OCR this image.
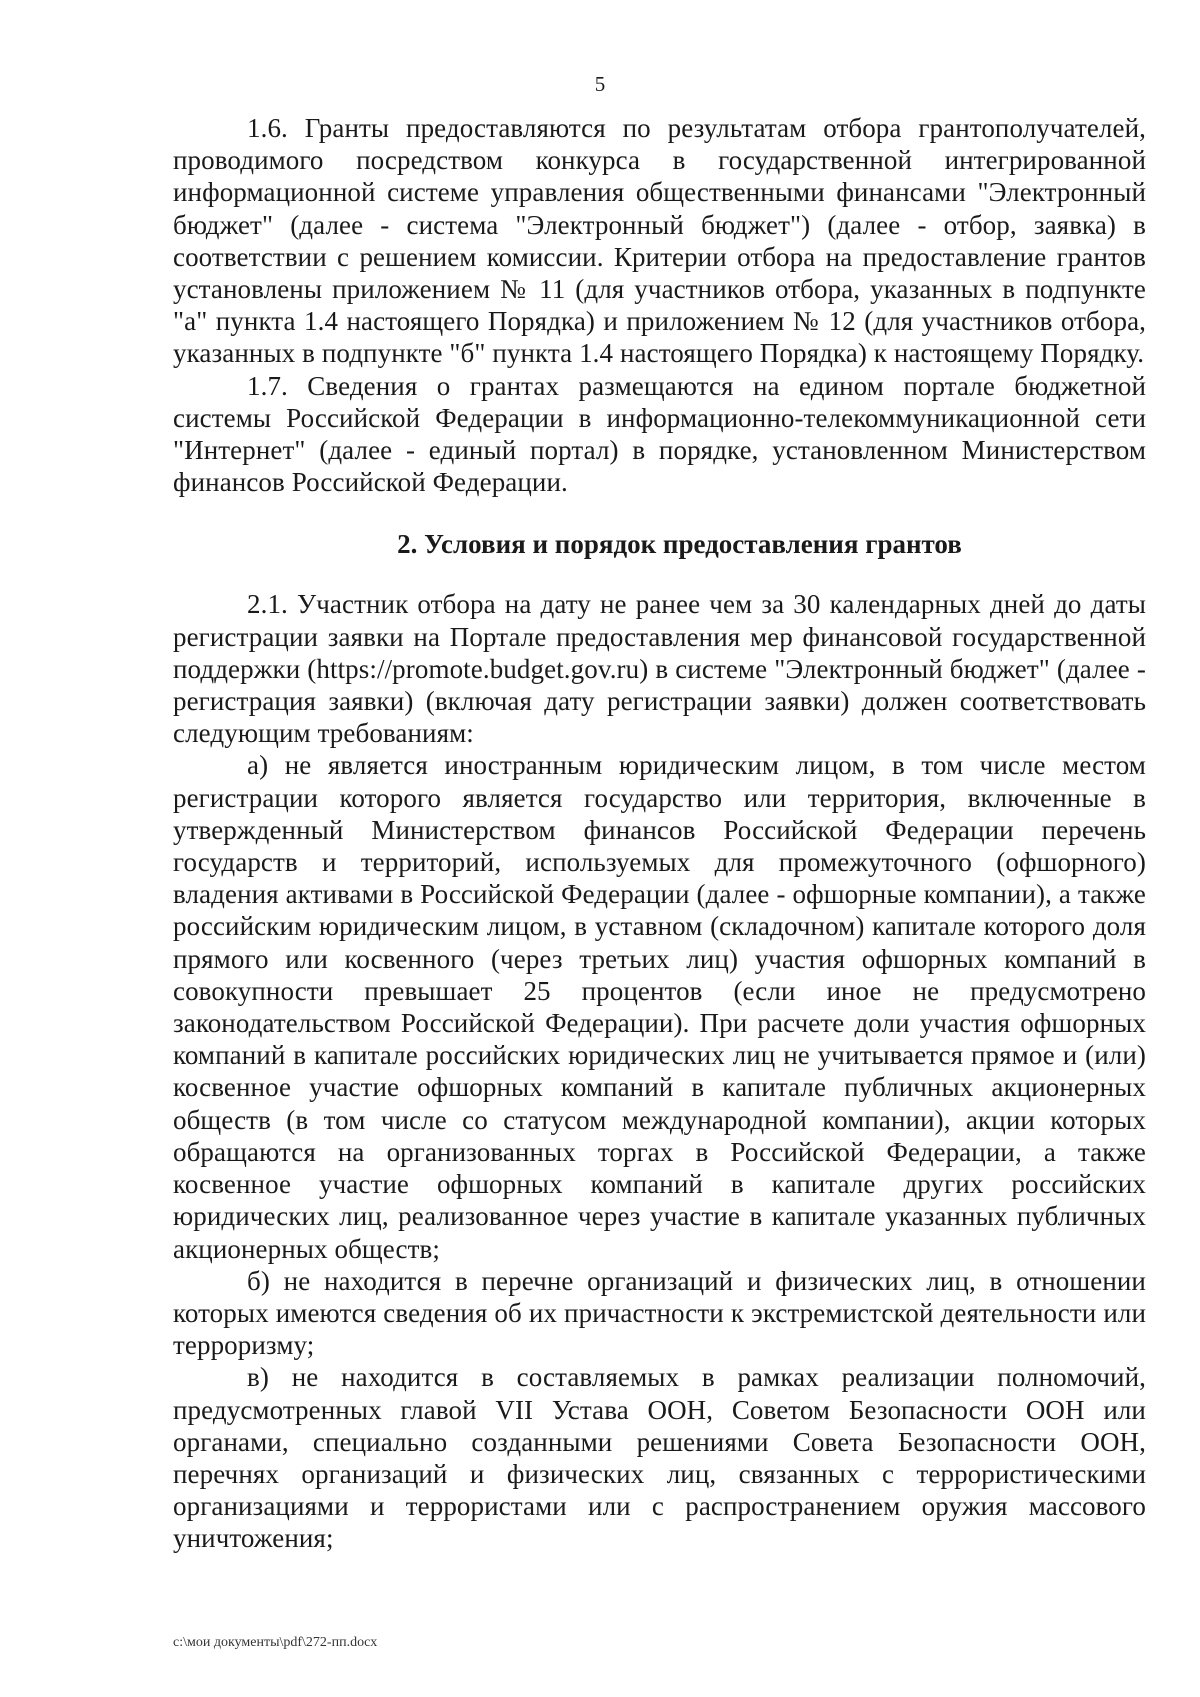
5

1.6. Гранты предоставляются по результатам отбора грантополучателей, проводимого посредством конкурса в государственной интегрированной информационной системе управления общественными финансами "Электронный бюджет" (далее - система "Электронный бюджет") (далее - отбор, заявка) в соответствии с решением комиссии. Критерии отбора на предоставление грантов установлены приложением № 11 (для участников отбора, указанных в подпункте "а" пункта 1.4 настоящего Порядка) и приложением № 12 (для участников отбора, указанных в подпункте "б" пункта 1.4 настоящего Порядка) к настоящему Порядку.

1.7. Сведения о грантах размещаются на едином портале бюджетной системы Российской Федерации в информационно-телекоммуникационной сети "Интернет" (далее - единый портал) в порядке, установленном Министерством финансов Российской Федерации.

2. Условия и порядок предоставления грантов

2.1. Участник отбора на дату не ранее чем за 30 календарных дней до даты регистрации заявки на Портале предоставления мер финансовой государственной поддержки (https://promote.budget.gov.ru) в системе "Электронный бюджет" (далее - регистрация заявки) (включая дату регистрации заявки) должен соответствовать следующим требованиям:

а) не является иностранным юридическим лицом, в том числе местом регистрации которого является государство или территория, включенные в утвержденный Министерством финансов Российской Федерации перечень государств и территорий, используемых для промежуточного (офшорного) владения активами в Российской Федерации (далее - офшорные компании), а также российским юридическим лицом, в уставном (складочном) капитале которого доля прямого или косвенного (через третьих лиц) участия офшорных компаний в совокупности превышает 25 процентов (если иное не предусмотрено законодательством Российской Федерации). При расчете доли участия офшорных компаний в капитале российских юридических лиц не учитывается прямое и (или) косвенное участие офшорных компаний в капитале публичных акционерных обществ (в том числе со статусом международной компании), акции которых обращаются на организованных торгах в Российской Федерации, а также косвенное участие офшорных компаний в капитале других российских юридических лиц, реализованное через участие в капитале указанных публичных акционерных обществ;

б) не находится в перечне организаций и физических лиц, в отношении которых имеются сведения об их причастности к экстремистской деятельности или терроризму;

в) не находится в составляемых в рамках реализации полномочий, предусмотренных главой VII Устава ООН, Советом Безопасности ООН или органами, специально созданными решениями Совета Безопасности ООН, перечнях организаций и физических лиц, связанных с террористическими организациями и террористами или с распространением оружия массового уничтожения;

c:\мои документы\pdf\272-пп.docx
